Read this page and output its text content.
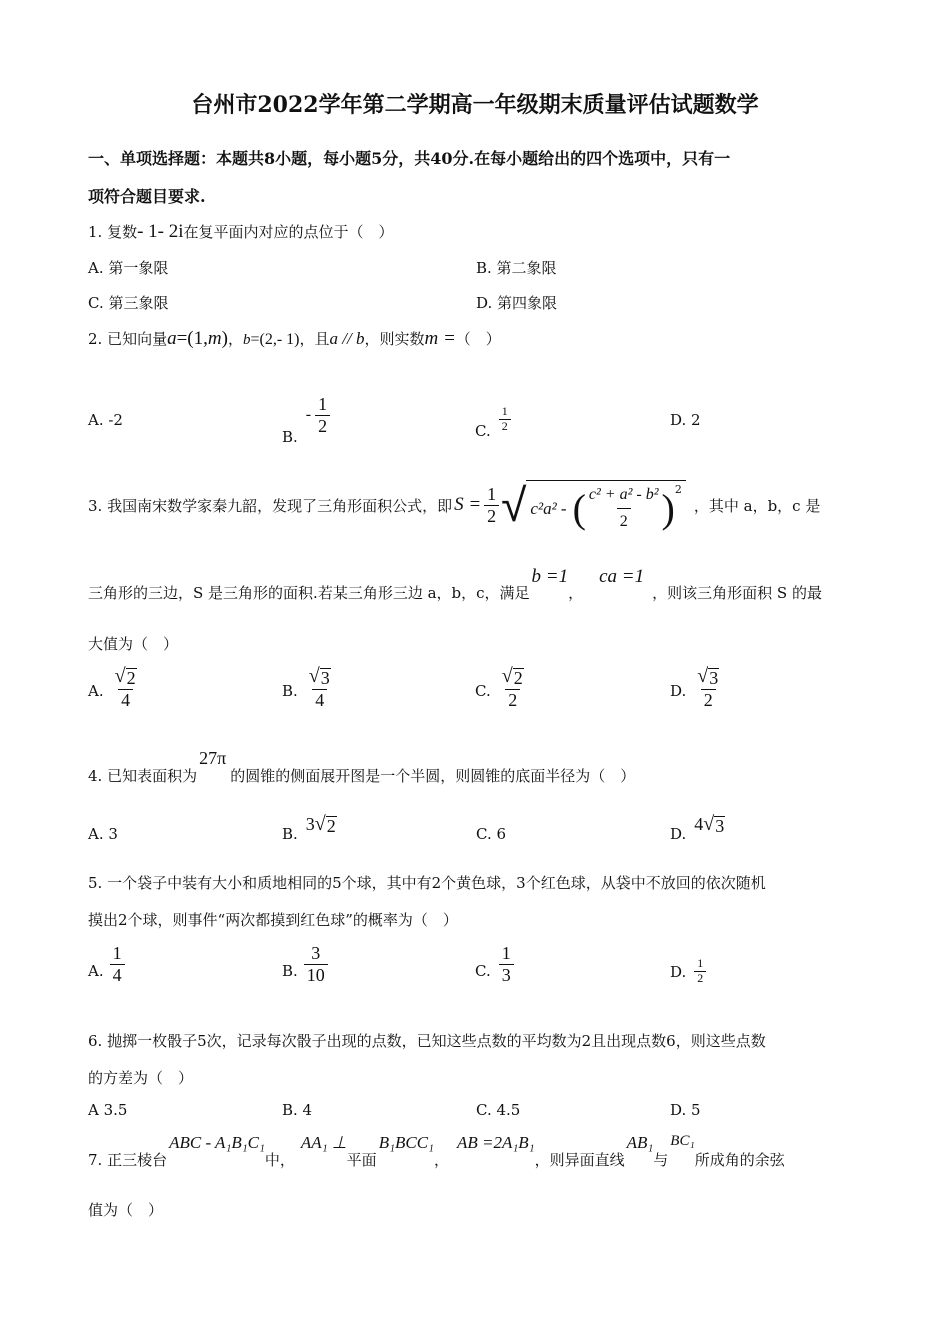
台州市2022学年第二学期高一年级期末质量评估试题数学
一、单项选择题：本题共8小题，每小题5分，共40分.在每小题给出的四个选项中，只有一
项符合题目要求.
1. 复数- 1- 2i在复平面内对应的点位于（　）
A. 第一象限	B. 第二象限
C. 第三象限	D. 第四象限
2. 已知向量a=(1,m)，b=(2,- 1)，且a // b，则实数m =（　）
A. -2
B.
- $\frac{1}{2}$	C. $\frac{1}{2}$	D. 2
3. 我国南宋数学家秦九韶，发现了三角形面积公式，即 $S = \frac{1}{2}$ √ c²a² - ( $\frac{\text{c² + a² - b²}}{2} )^2$
，其中 a，b，c 是
三角形的三边，S 是三角形的面积.若某三角形三边 a，b，c，满足
b =1
，
ca =1
，则该三角形面积 S 的最
大值为（　）
A. $\frac{√ 2}{4}$	B. $\frac{√ 3}{4}$	C. $\frac{√ 2}{2}$	D. $\frac{√ 3}{2}$
4. 已知表面积为
27π
的圆锥的侧面展开图是一个半圆，则圆锥的底面半径为（　）
A. 3	B. 3 √ 2	C. 6	D. 4 √ 3
5. 一个袋子中装有大小和质地相同的5个球，其中有2个黄色球，3个红色球，从袋中不放回的依次随机
摸出2个球，则事件“两次都摸到红色球”的概率为（　）
A. $\frac{1}{4}$	B. $\frac{3}{10}$	C. $\frac{1}{3}$	D. $\frac{1}{2}$
6. 抛掷一枚骰子5次，记录每次骰子出现的点数，已知这些点数的平均数为2且出现点数6，则这些点数
的方差为（　）
A 3.5	B. 4	C. 4.5	D. 5
7. 正三棱台
ABC - A₁B₁C₁
中，
AA₁ ⊥
平面
B₁BCC₁
，
AB =2A₁B₁
，则异面直线
AB₁
与
BC₁
所成角的余弦
值为（　）
